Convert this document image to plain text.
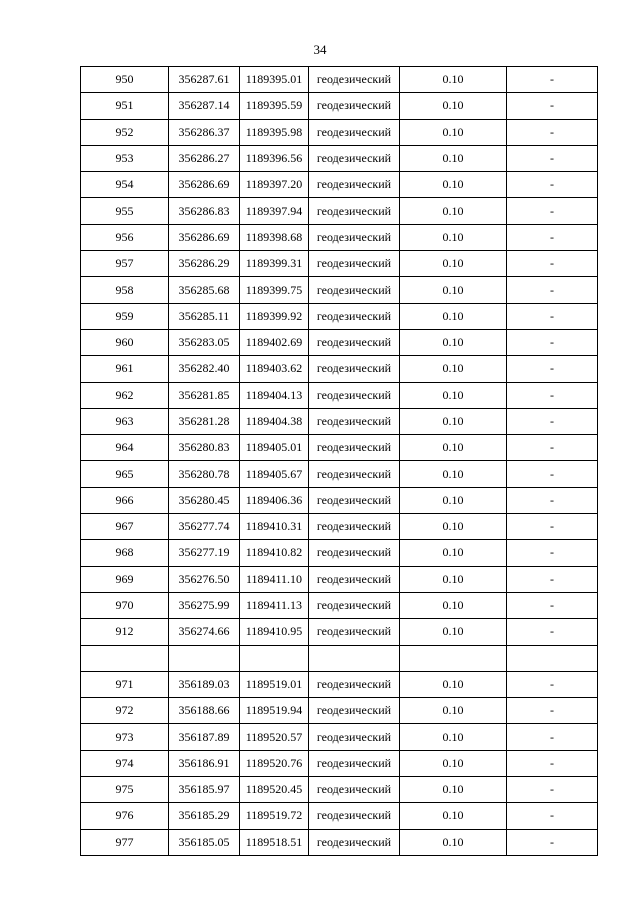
34
950	356287.61	1189395.01	геодезический	0.10	-
951	356287.14	1189395.59	геодезический	0.10	-
952	356286.37	1189395.98	геодезический	0.10	-
953	356286.27	1189396.56	геодезический	0.10	-
954	356286.69	1189397.20	геодезический	0.10	-
955	356286.83	1189397.94	геодезический	0.10	-
956	356286.69	1189398.68	геодезический	0.10	-
957	356286.29	1189399.31	геодезический	0.10	-
958	356285.68	1189399.75	геодезический	0.10	-
959	356285.11	1189399.92	геодезический	0.10	-
960	356283.05	1189402.69	геодезический	0.10	-
961	356282.40	1189403.62	геодезический	0.10	-
962	356281.85	1189404.13	геодезический	0.10	-
963	356281.28	1189404.38	геодезический	0.10	-
964	356280.83	1189405.01	геодезический	0.10	-
965	356280.78	1189405.67	геодезический	0.10	-
966	356280.45	1189406.36	геодезический	0.10	-
967	356277.74	1189410.31	геодезический	0.10	-
968	356277.19	1189410.82	геодезический	0.10	-
969	356276.50	1189411.10	геодезический	0.10	-
970	356275.99	1189411.13	геодезический	0.10	-
912	356274.66	1189410.95	геодезический	0.10	-

971	356189.03	1189519.01	геодезический	0.10	-
972	356188.66	1189519.94	геодезический	0.10	-
973	356187.89	1189520.57	геодезический	0.10	-
974	356186.91	1189520.76	геодезический	0.10	-
975	356185.97	1189520.45	геодезический	0.10	-
976	356185.29	1189519.72	геодезический	0.10	-
977	356185.05	1189518.51	геодезический	0.10	-
